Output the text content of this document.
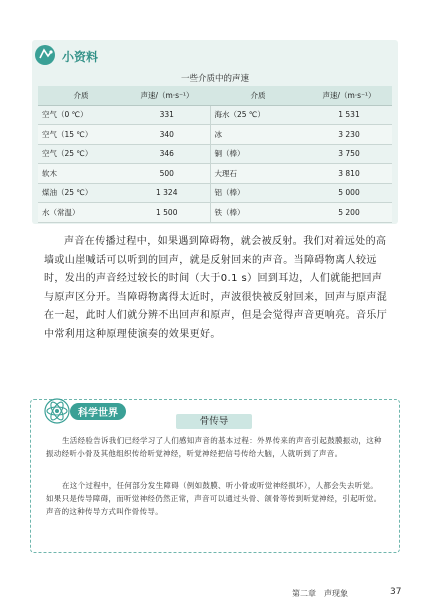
小资料
一些介质中的声速
介质	声速/（m·s⁻¹）	介质	声速/（m·s⁻¹）
空气（0 ℃）	331	海水（25 ℃）	1 531
空气（15 ℃）	340	冰	3 230
空气（25 ℃）	346	铜（棒）	3 750
软木	500	大理石	3 810
煤油（25 ℃）	1 324	铝（棒）	5 000
水（常温）	1 500	铁（棒）	5 200
声音在传播过程中，如果遇到障碍物，就会被反射。我们对着远处的高墙或山崖喊话可以听到的回声，就是反射回来的声音。当障碍物离人较远时，发出的声音经过较长的时间（大于0.1 s）回到耳边，人们就能把回声与原声区分开。当障碍物离得太近时，声波很快被反射回来，回声与原声混在一起，此时人们就分辨不出回声和原声，但是会觉得声音更响亮。音乐厅中常利用这种原理使演奏的效果更好。
科学世界
骨传导
生活经验告诉我们已经学习了人们感知声音的基本过程：外界传来的声音引起鼓膜振动，这种振动经听小骨及其他组织传给听觉神经，听觉神经把信号传给大脑，人就听到了声音。
在这个过程中，任何部分发生障碍（例如鼓膜、听小骨或听觉神经损坏），人都会失去听觉。如果只是传导障碍，而听觉神经仍然正常，声音可以通过头骨、颌骨等传到听觉神经，引起听觉。声音的这种传导方式叫作骨传导。
第二章　声现象	37
